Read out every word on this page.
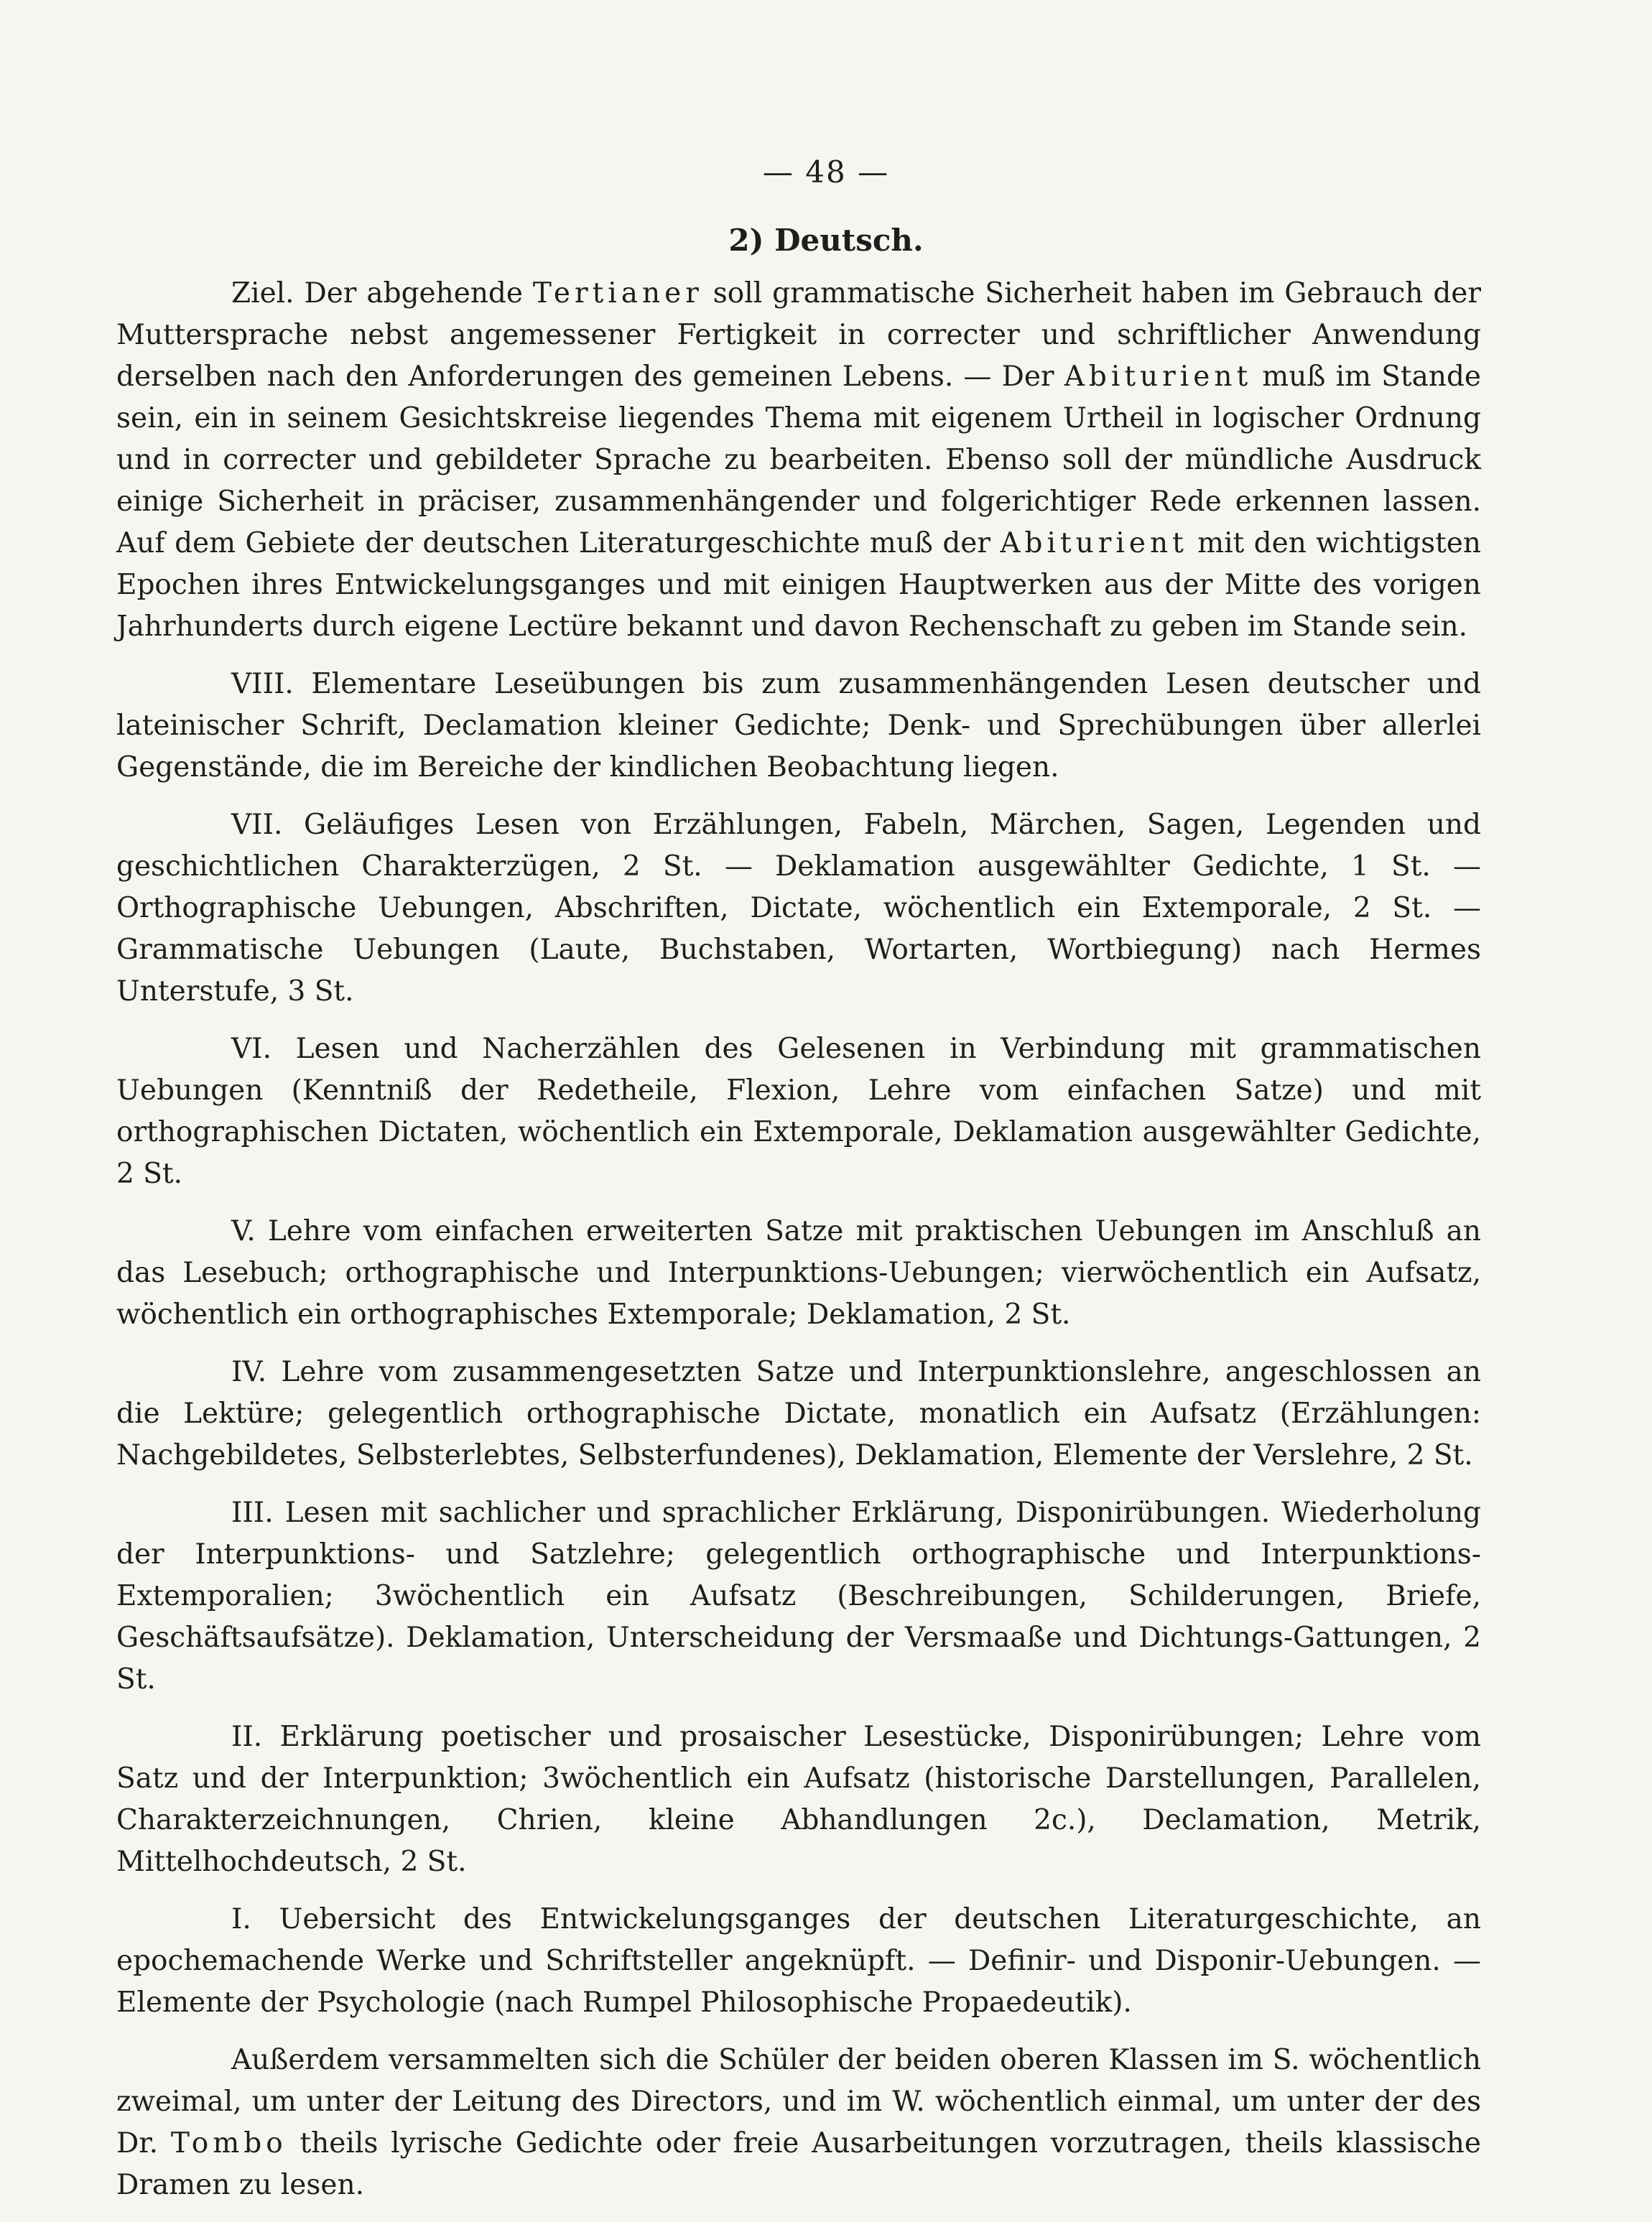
— 48 —
2) Deutsch.

Ziel. Der abgehende Tertianer soll grammatische Sicherheit haben im Gebrauch der Muttersprache nebst angemessener Fertigkeit in correcter und schriftlicher Anwendung derselben nach den Anforderungen des gemeinen Lebens. — Der Abiturient muß im Stande sein, ein in seinem Gesichtskreise liegendes Thema mit eigenem Urtheil in logischer Ordnung und in correcter und gebildeter Sprache zu bearbeiten. Ebenso soll der mündliche Ausdruck einige Sicherheit in präciser, zusammenhängender und folgerichtiger Rede erkennen lassen. Auf dem Gebiete der deutschen Literaturgeschichte muß der Abiturient mit den wichtigsten Epochen ihres Entwickelungsganges und mit einigen Hauptwerken aus der Mitte des vorigen Jahrhunderts durch eigene Lectüre bekannt und davon Rechenschaft zu geben im Stande sein.

VIII. Elementare Leseübungen bis zum zusammenhängenden Lesen deutscher und lateinischer Schrift, Declamation kleiner Gedichte; Denk- und Sprechübungen über allerlei Gegenstände, die im Bereiche der kindlichen Beobachtung liegen.

VII. Geläufiges Lesen von Erzählungen, Fabeln, Märchen, Sagen, Legenden und geschichtlichen Charakterzügen, 2 St. — Deklamation ausgewählter Gedichte, 1 St. — Orthographische Uebungen, Abschriften, Dictate, wöchentlich ein Extemporale, 2 St. — Grammatische Uebungen (Laute, Buchstaben, Wortarten, Wortbiegung) nach Hermes Unterstufe, 3 St.

VI. Lesen und Nacherzählen des Gelesenen in Verbindung mit grammatischen Uebungen (Kenntniß der Redetheile, Flexion, Lehre vom einfachen Satze) und mit orthographischen Dictaten, wöchentlich ein Extemporale, Deklamation ausgewählter Gedichte, 2 St.

V. Lehre vom einfachen erweiterten Satze mit praktischen Uebungen im Anschluß an das Lesebuch; orthographische und Interpunktions-Uebungen; vierwöchentlich ein Aufsatz, wöchentlich ein orthographisches Extemporale; Deklamation, 2 St.

IV. Lehre vom zusammengesetzten Satze und Interpunktionslehre, angeschlossen an die Lektüre; gelegentlich orthographische Dictate, monatlich ein Aufsatz (Erzählungen: Nachgebildetes, Selbsterlebtes, Selbsterfundenes), Deklamation, Elemente der Verslehre, 2 St.

III. Lesen mit sachlicher und sprachlicher Erklärung, Disponirübungen. Wiederholung der Interpunktions- und Satzlehre; gelegentlich orthographische und Interpunktions-Extemporalien; 3wöchentlich ein Aufsatz (Beschreibungen, Schilderungen, Briefe, Geschäftsaufsätze). Deklamation, Unterscheidung der Versmaaße und Dichtungs-Gattungen, 2 St.

II. Erklärung poetischer und prosaischer Lesestücke, Disponirübungen; Lehre vom Satz und der Interpunktion; 3wöchentlich ein Aufsatz (historische Darstellungen, Parallelen, Charakterzeichnungen, Chrien, kleine Abhandlungen 2c.), Declamation, Metrik, Mittelhochdeutsch, 2 St.

I. Uebersicht des Entwickelungsganges der deutschen Literaturgeschichte, an epochemachende Werke und Schriftsteller angeknüpft. — Definir- und Disponir-Uebungen. — Elemente der Psychologie (nach Rumpel Philosophische Propaedeutik).

Außerdem versammelten sich die Schüler der beiden oberen Klassen im S. wöchentlich zweimal, um unter der Leitung des Directors, und im W. wöchentlich einmal, um unter der des Dr. Tombo theils lyrische Gedichte oder freie Ausarbeitungen vorzutragen, theils klassische Dramen zu lesen.
